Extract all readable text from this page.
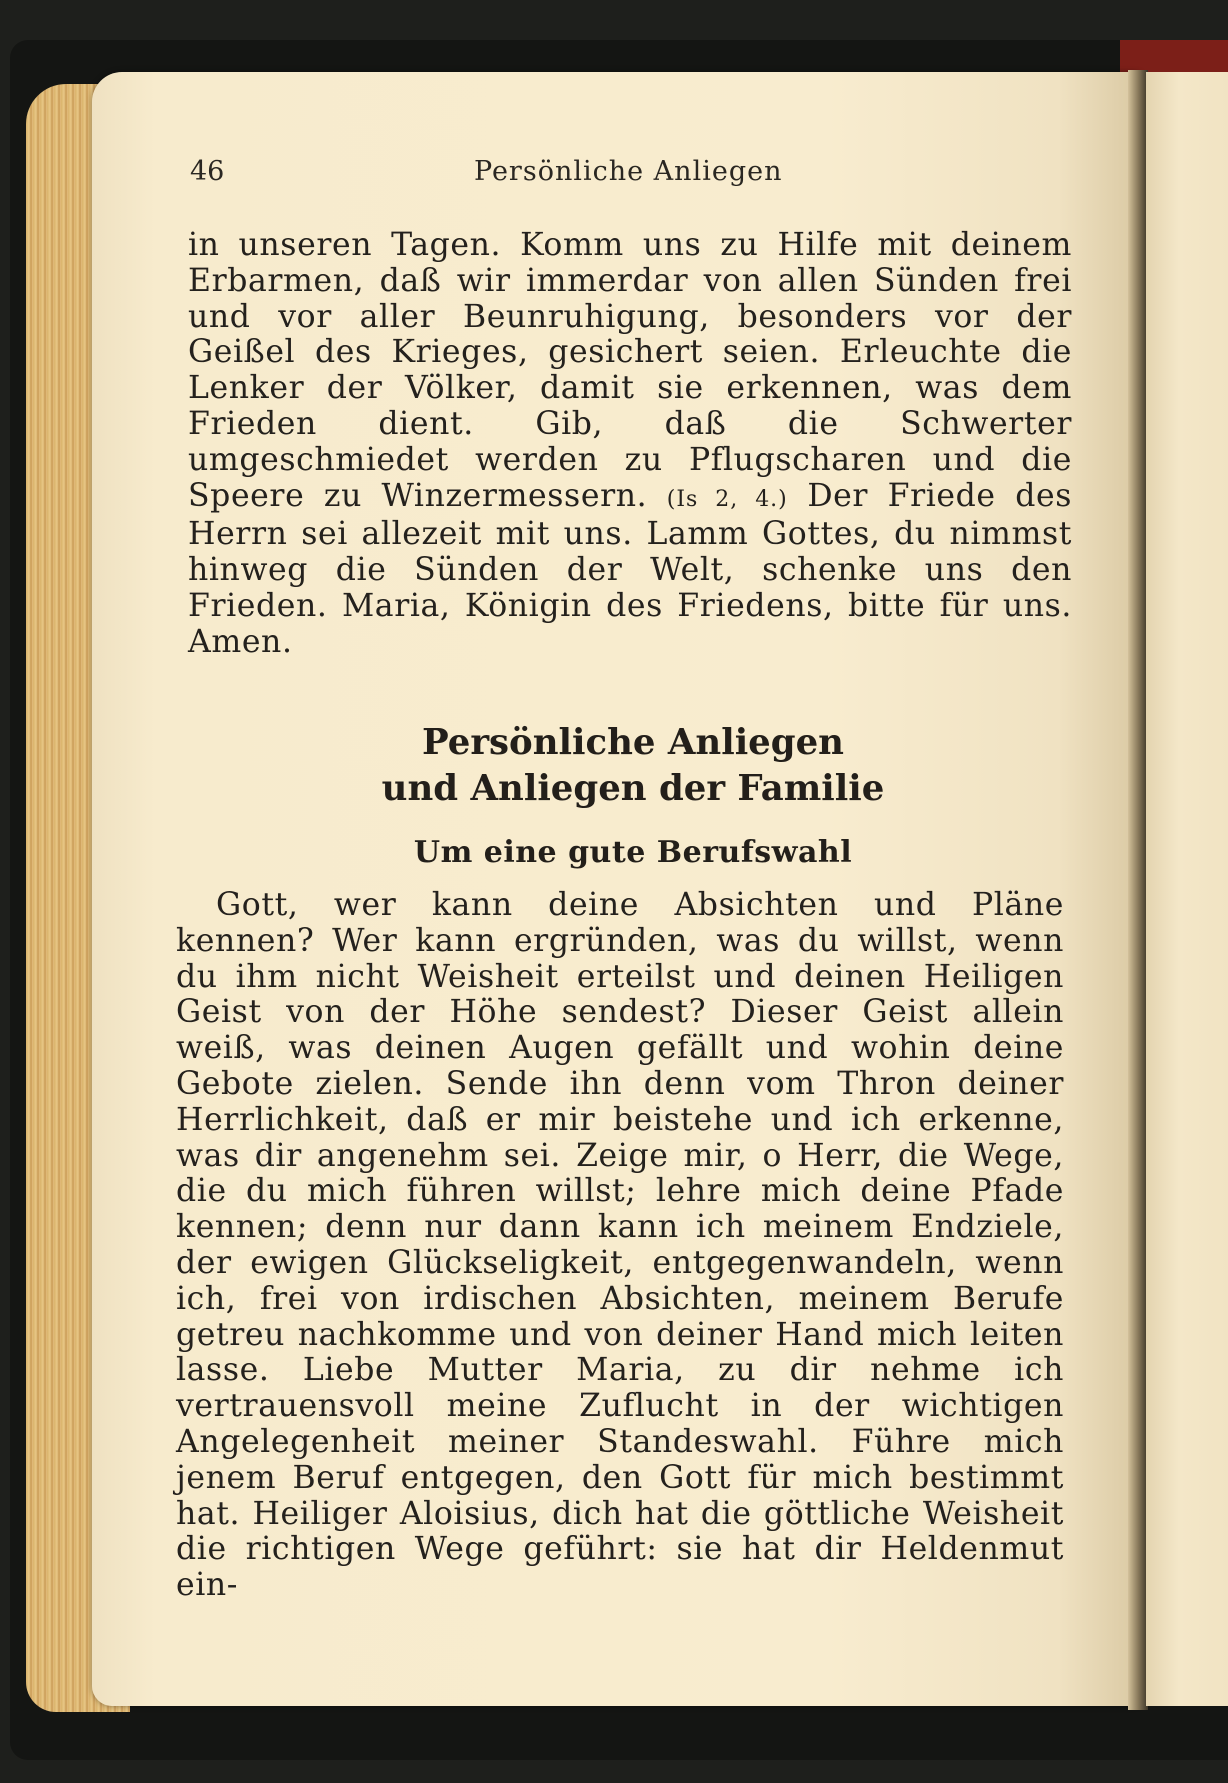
46	Persönliche Anliegen
in unseren Tagen. Komm uns zu Hilfe mit deinem Erbarmen, daß wir immerdar von allen Sünden frei und vor aller Beunruhigung, besonders vor der Geißel des Krieges, gesichert seien. Erleuchte die Lenker der Völker, damit sie erkennen, was dem Frieden dient. Gib, daß die Schwerter umgeschmiedet werden zu Pflugscharen und die Speere zu Winzermessern. (Is 2, 4.) Der Friede des Herrn sei allezeit mit uns. Lamm Gottes, du nimmst hinweg die Sünden der Welt, schenke uns den Frieden. Maria, Königin des Friedens, bitte für uns. Amen.
Persönliche Anliegen
und Anliegen der Familie
Um eine gute Berufswahl
Gott, wer kann deine Absichten und Pläne kennen? Wer kann ergründen, was du willst, wenn du ihm nicht Weisheit erteilst und deinen Heiligen Geist von der Höhe sendest? Dieser Geist allein weiß, was deinen Augen gefällt und wohin deine Gebote zielen. Sende ihn denn vom Thron deiner Herrlichkeit, daß er mir beistehe und ich erkenne, was dir angenehm sei. Zeige mir, o Herr, die Wege, die du mich führen willst; lehre mich deine Pfade kennen; denn nur dann kann ich meinem Endziele, der ewigen Glückseligkeit, entgegenwandeln, wenn ich, frei von irdischen Absichten, meinem Berufe getreu nachkomme und von deiner Hand mich leiten lasse. Liebe Mutter Maria, zu dir nehme ich vertrauensvoll meine Zuflucht in der wichtigen Angelegenheit meiner Standeswahl. Führe mich jenem Beruf entgegen, den Gott für mich bestimmt hat. Heiliger Aloisius, dich hat die göttliche Weisheit die richtigen Wege geführt: sie hat dir Heldenmut ein-
